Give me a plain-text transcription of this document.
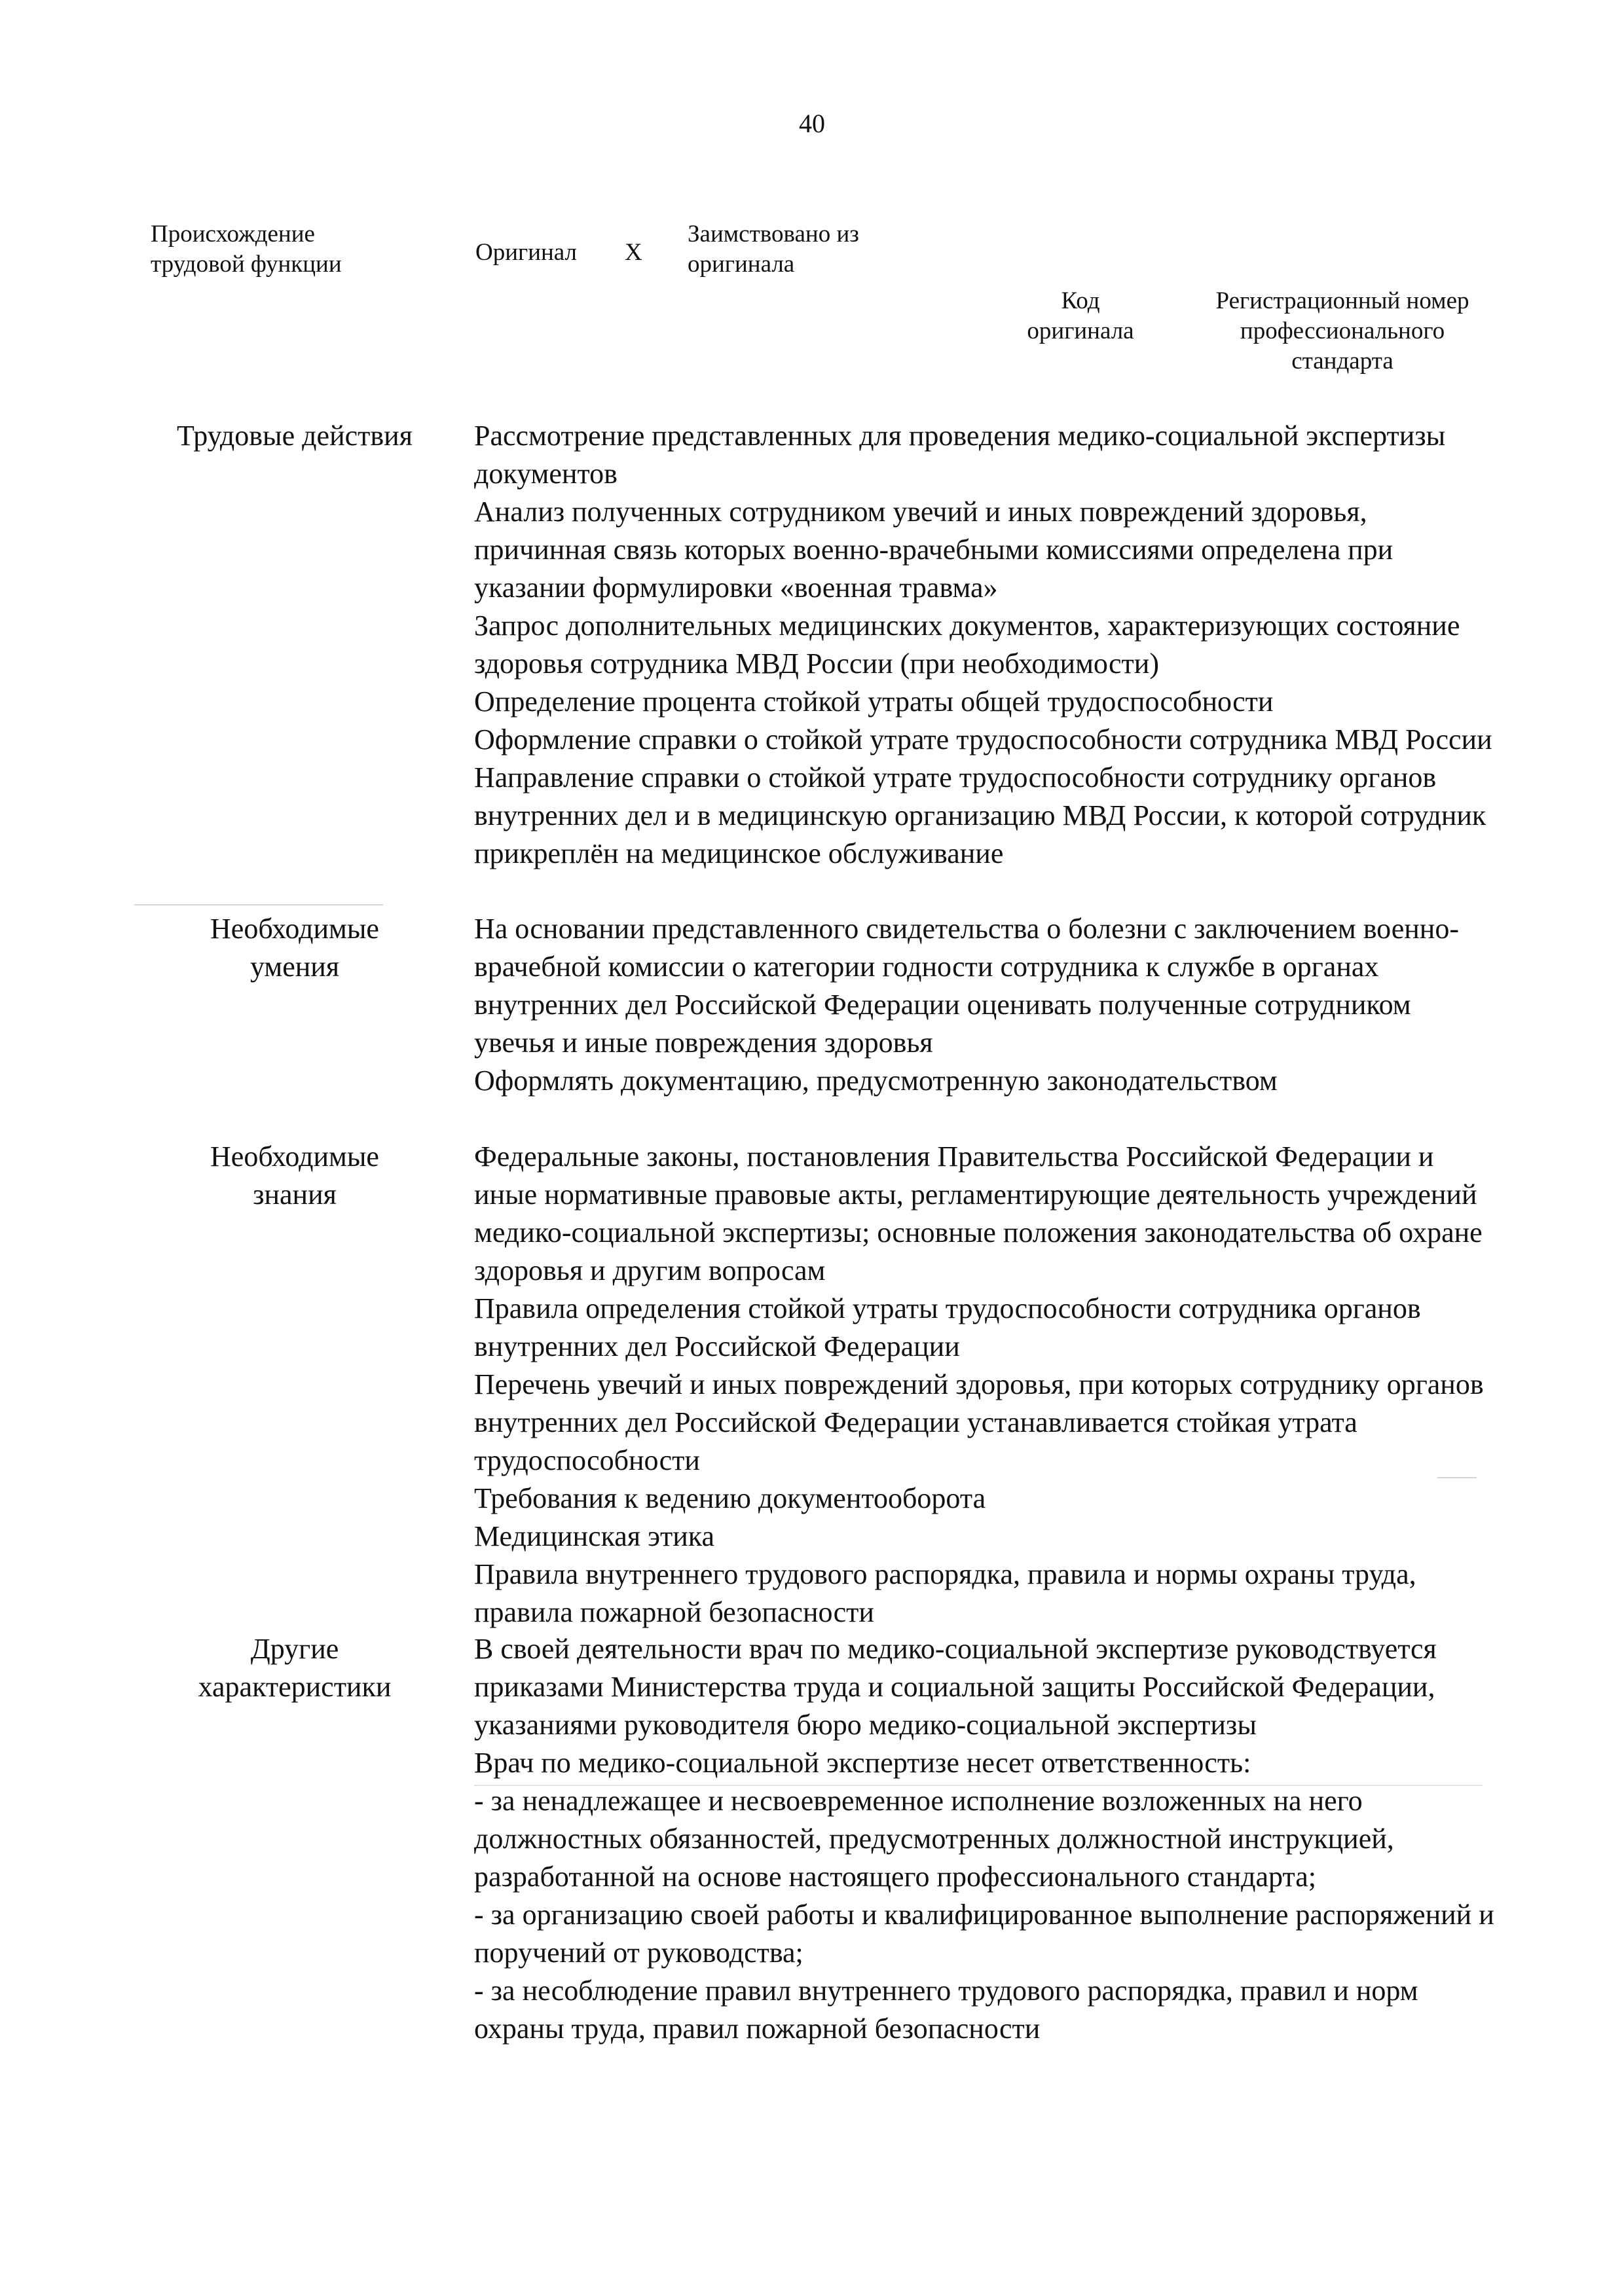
40
Происхождение
трудовой функции	Оригинал X
Заимствовано из
оригинала
Код
оригинала
Регистрационный номер
профессионального
стандарта
Трудовые действия	Рассмотрение представленных для проведения медико-социальной экспертизы документов
Анализ полученных сотрудником увечий и иных повреждений здоровья, причинная связь которых военно-врачебными комиссиями определена при указании формулировки «военная травма»
Запрос дополнительных медицинских документов, характеризующих состояние здоровья сотрудника МВД России (при необходимости)
Определение процента стойкой утраты общей трудоспособности
Оформление справки о стойкой утрате трудоспособности сотрудника МВД России
Направление справки о стойкой утрате трудоспособности сотруднику органов внутренних дел и в медицинскую организацию МВД России, к которой сотрудник прикреплён на медицинское обслуживание
Необходимые
умения
На основании представленного свидетельства о болезни с заключением военно-врачебной комиссии о категории годности сотрудника к службе в органах внутренних дел Российской Федерации оценивать полученные сотрудником увечья и иные повреждения здоровья
Оформлять документацию, предусмотренную законодательством
Необходимые
знания
Федеральные законы, постановления Правительства Российской Федерации и иные нормативные правовые акты, регламентирующие деятельность учреждений медико-социальной экспертизы; основные положения законодательства об охране здоровья и другим вопросам
Правила определения стойкой утраты трудоспособности сотрудника органов внутренних дел Российской Федерации
Перечень увечий и иных повреждений здоровья, при которых сотруднику органов внутренних дел Российской Федерации устанавливается стойкая утрата трудоспособности
Требования к ведению документооборота
Медицинская этика
Правила внутреннего трудового распорядка, правила и нормы охраны труда, правила пожарной безопасности
Другие
характеристики
В своей деятельности врач по медико-социальной экспертизе руководствуется приказами Министерства труда и социальной защиты Российской Федерации, указаниями руководителя бюро медико-социальной экспертизы
Врач по медико-социальной экспертизе несет ответственность:
- за ненадлежащее и несвоевременное исполнение возложенных на него должностных обязанностей, предусмотренных должностной инструкцией, разработанной на основе настоящего профессионального стандарта;
- за организацию своей работы и квалифицированное выполнение распоряжений и поручений от руководства;
- за несоблюдение правил внутреннего трудового распорядка, правил и норм охраны труда, правил пожарной безопасности
